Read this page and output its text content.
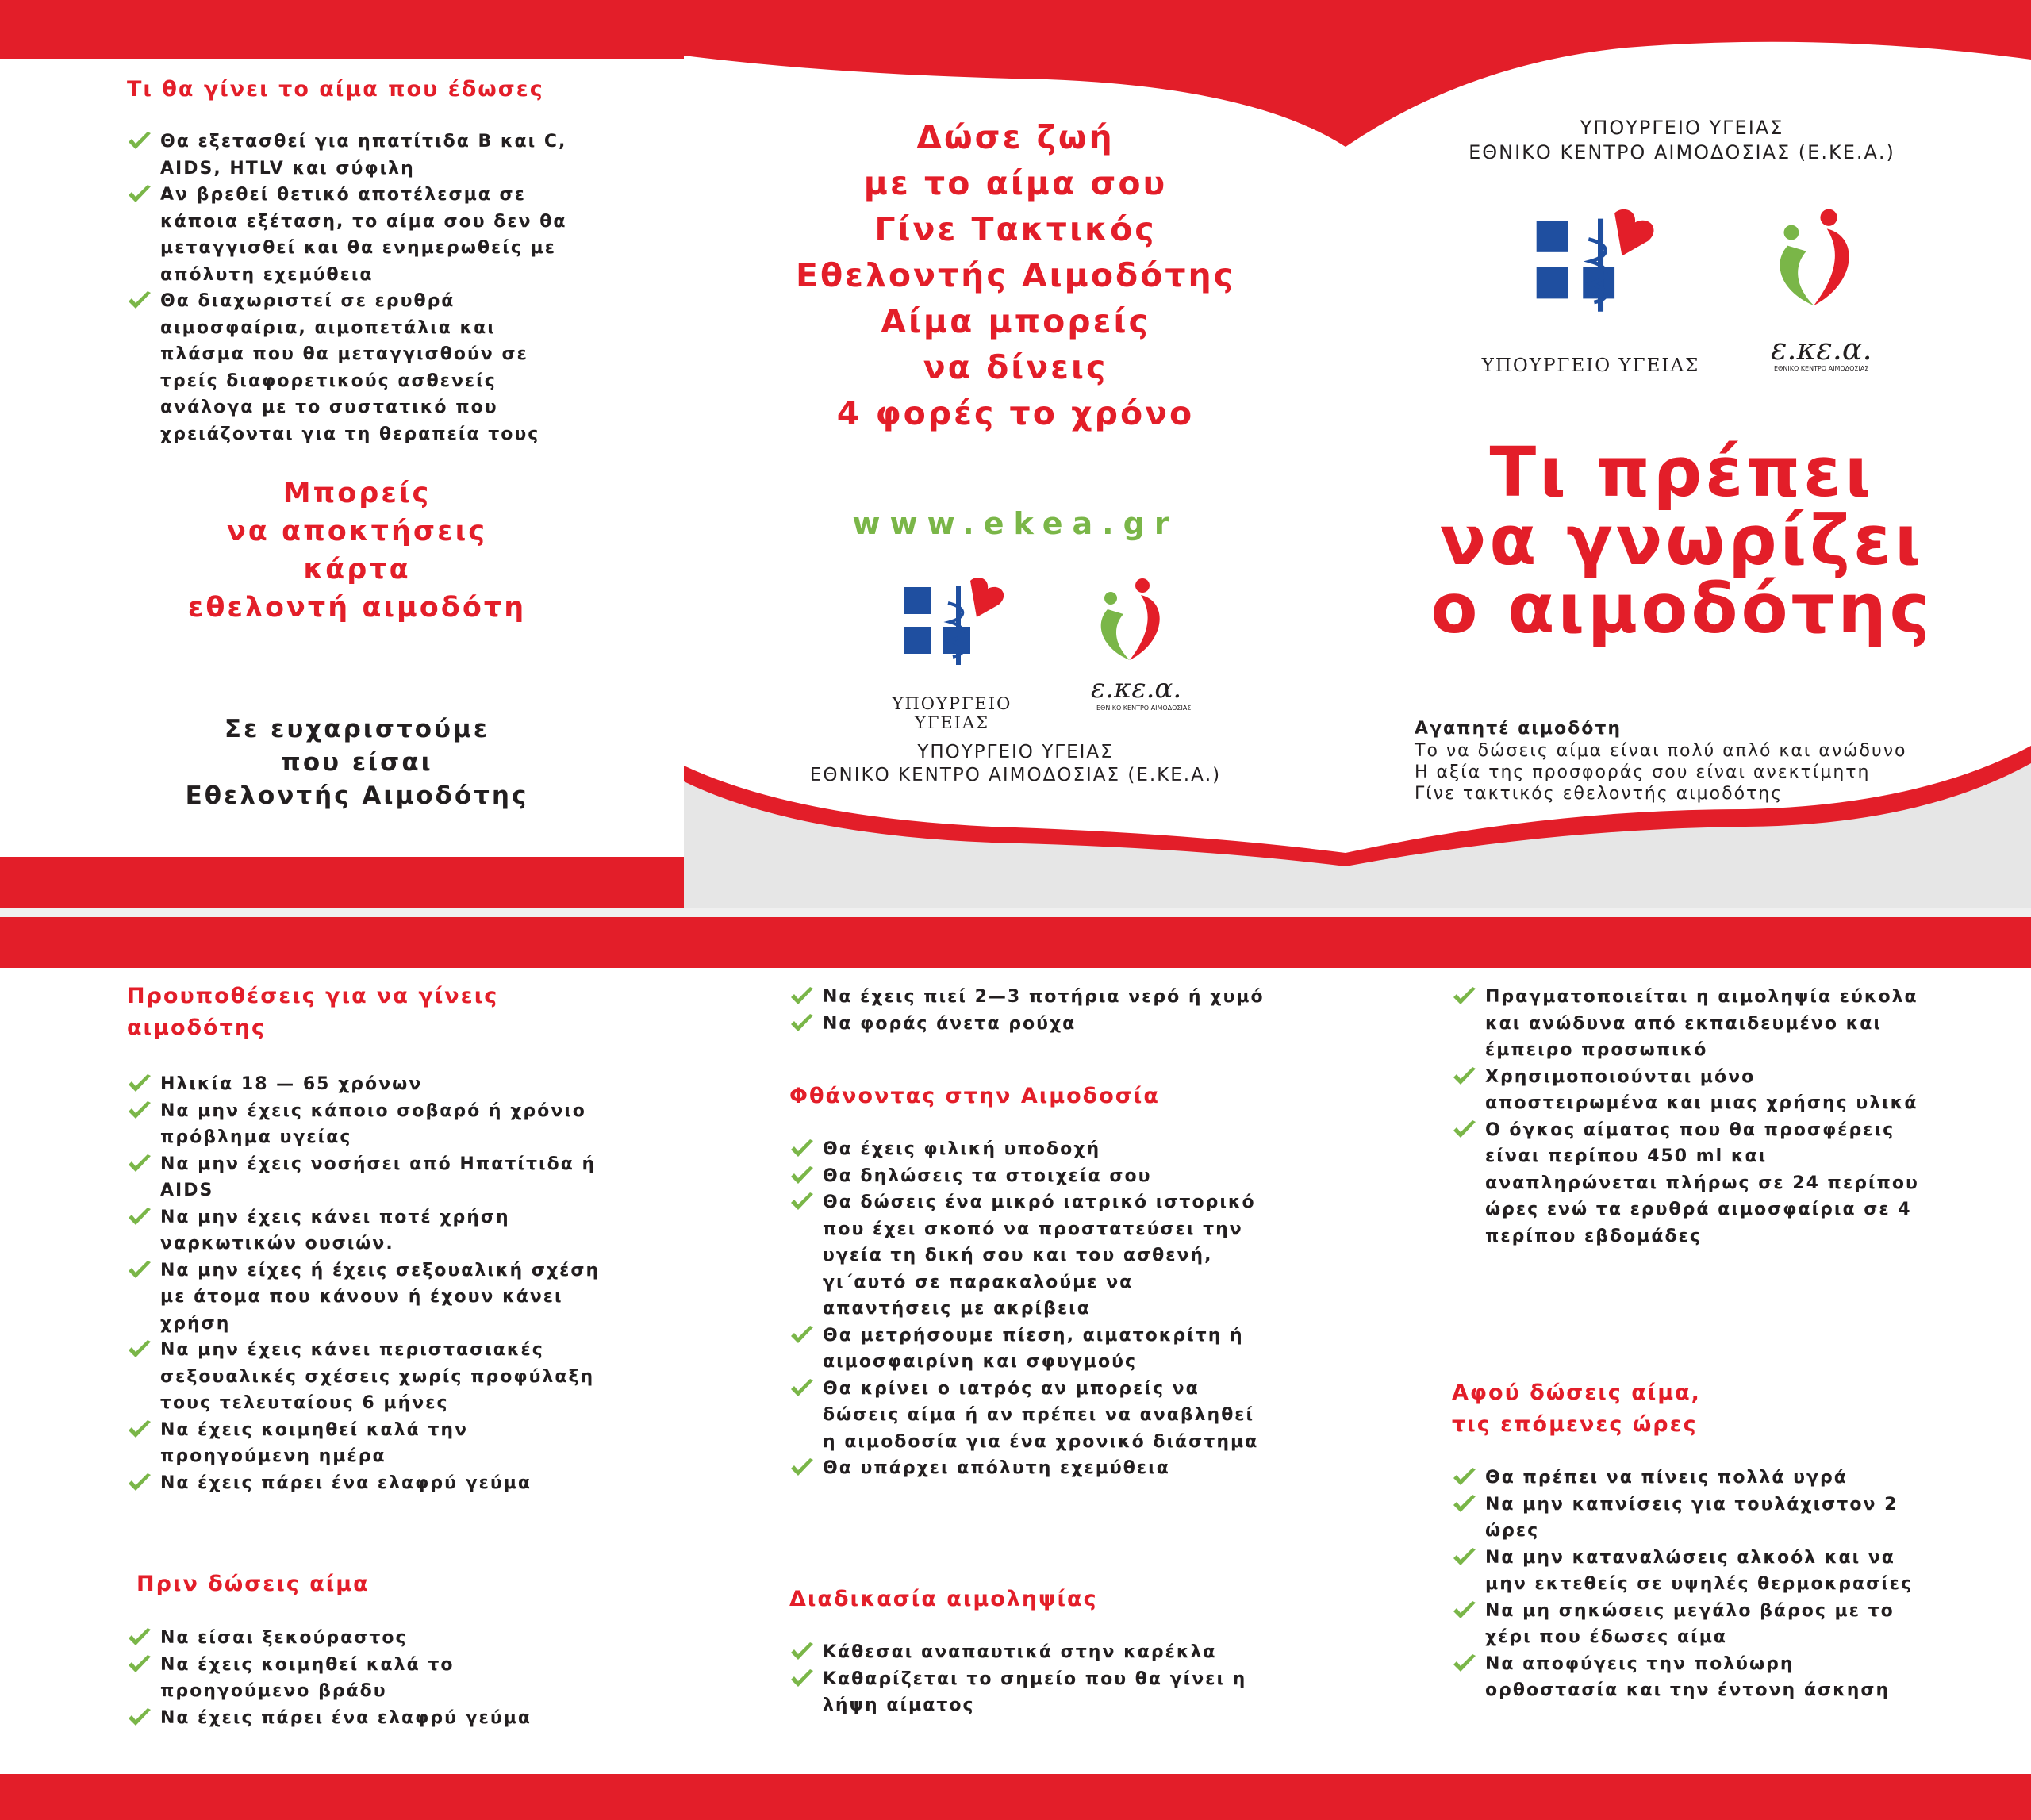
Τι θα γίνει το αίμα που έδωσες
Θα εξετασθεί για ηπατίτιδα Β και C, AIDS, HTLV και σύφιλη
Αν βρεθεί θετικό αποτέλεσμα σε κάποια εξέταση, το αίμα σου δεν θα μεταγγισθεί και θα ενημερωθείς με απόλυτη εχεμύθεια
Θα διαχωριστεί σε ερυθρά αιμοσφαίρια, αιμοπετάλια και πλάσμα που θα μεταγγισθούν σε τρείς διαφορετικούς ασθενείς ανάλογα με το συστατικό που χρειάζονται για τη θεραπεία τους
Μπορείς
να αποκτήσεις
κάρτα
εθελοντή αιμοδότη
Σε ευχαριστούμε
που είσαι
Εθελοντής Αιμοδότης
Δώσε ζωή
με το αίμα σου
Γίνε Τακτικός
Εθελοντής Αιμοδότης
Αίμα μπορείς
να δίνεις
4 φορές το χρόνο
www.ekea.gr
ΥΠΟΥΡΓΕΙΟ ΥΓΕΙΑΣ
ε.κε.α.
ΕΘΝΙΚΟ ΚΕΝΤΡΟ ΑΙΜΟΔΟΣΙΑΣ
ΥΠΟΥΡΓΕΙΟ ΥΓΕΙΑΣ
ΕΘΝΙΚΟ ΚΕΝΤΡΟ ΑΙΜΟΔΟΣΙΑΣ (Ε.ΚΕ.Α.)
ΥΠΟΥΡΓΕΙΟ ΥΓΕΙΑΣ
ΕΘΝΙΚΟ ΚΕΝΤΡΟ ΑΙΜΟΔΟΣΙΑΣ (Ε.ΚΕ.Α.)
ΥΠΟΥΡΓΕΙΟ ΥΓΕΙΑΣ	ε.κε.α.
ΕΘΝΙΚΟ ΚΕΝΤΡΟ ΑΙΜΟΔΟΣΙΑΣ
Τι πρέπει
να γνωρίζει
ο αιμοδότης
Αγαπητέ αιμοδότη
Το να δώσεις αίμα είναι πολύ απλό και ανώδυνο
Η αξία της προσφοράς σου είναι ανεκτίμητη
Γίνε τακτικός εθελοντής αιμοδότης
Προυποθέσεις για να γίνεις
αιμοδότης
Ηλικία 18 — 65 χρόνων
Να μην έχεις κάποιο σοβαρό ή χρόνιο πρόβλημα υγείας
Να μην έχεις νοσήσει από Ηπατίτιδα ή AIDS
Να μην έχεις κάνει ποτέ χρήση ναρκωτικών ουσιών.
Να μην είχες ή έχεις σεξουαλική σχέση με άτομα που κάνουν ή έχουν κάνει χρήση
Να μην έχεις κάνει περιστασιακές σεξουαλικές σχέσεις χωρίς προφύλαξη τους τελευταίους 6 μήνες
Να έχεις κοιμηθεί καλά την προηγούμενη ημέρα
Να έχεις πάρει ένα ελαφρύ γεύμα
Πριν δώσεις αίμα
Να είσαι ξεκούραστος
Να έχεις κοιμηθεί καλά το προηγούμενο βράδυ
Να έχεις πάρει ένα ελαφρύ γεύμα
Να έχεις πιεί 2—3 ποτήρια νερό ή χυμό
Να φοράς άνετα ρούχα
Φθάνοντας στην Αιμοδοσία
Θα έχεις φιλική υποδοχή
Θα δηλώσεις τα στοιχεία σου
Θα δώσεις ένα μικρό ιατρικό ιστορικό που έχει σκοπό να προστατεύσει την υγεία τη δική σου και του ασθενή, γι΄αυτό σε παρακαλούμε να απαντήσεις με ακρίβεια
Θα μετρήσουμε πίεση, αιματοκρίτη ή αιμοσφαιρίνη και σφυγμούς
Θα κρίνει ο ιατρός αν μπορείς να δώσεις αίμα ή αν πρέπει να αναβληθεί η αιμοδοσία για ένα χρονικό διάστημα
Θα υπάρχει απόλυτη εχεμύθεια
Διαδικασία αιμοληψίας
Κάθεσαι αναπαυτικά στην καρέκλα
Καθαρίζεται το σημείο που θα γίνει η λήψη αίματος
Πραγματοποιείται η αιμοληψία εύκολα και ανώδυνα από εκπαιδευμένο και έμπειρο προσωπικό
Χρησιμοποιούνται μόνο αποστειρωμένα και μιας χρήσης υλικά
Ο όγκος αίματος που θα προσφέρεις είναι περίπου 450 ml και αναπληρώνεται πλήρως σε 24 περίπου ώρες ενώ τα ερυθρά αιμοσφαίρια σε 4 περίπου εβδομάδες
Αφού δώσεις αίμα,
τις επόμενες ώρες
Θα πρέπει να πίνεις πολλά υγρά
Να μην καπνίσεις για τουλάχιστον 2 ώρες
Να μην καταναλώσεις αλκοόλ και να μην εκτεθείς σε υψηλές θερμοκρασίες
Να μη σηκώσεις μεγάλο βάρος με το χέρι που έδωσες αίμα
Να αποφύγεις την πολύωρη ορθοστασία και την έντονη άσκηση
